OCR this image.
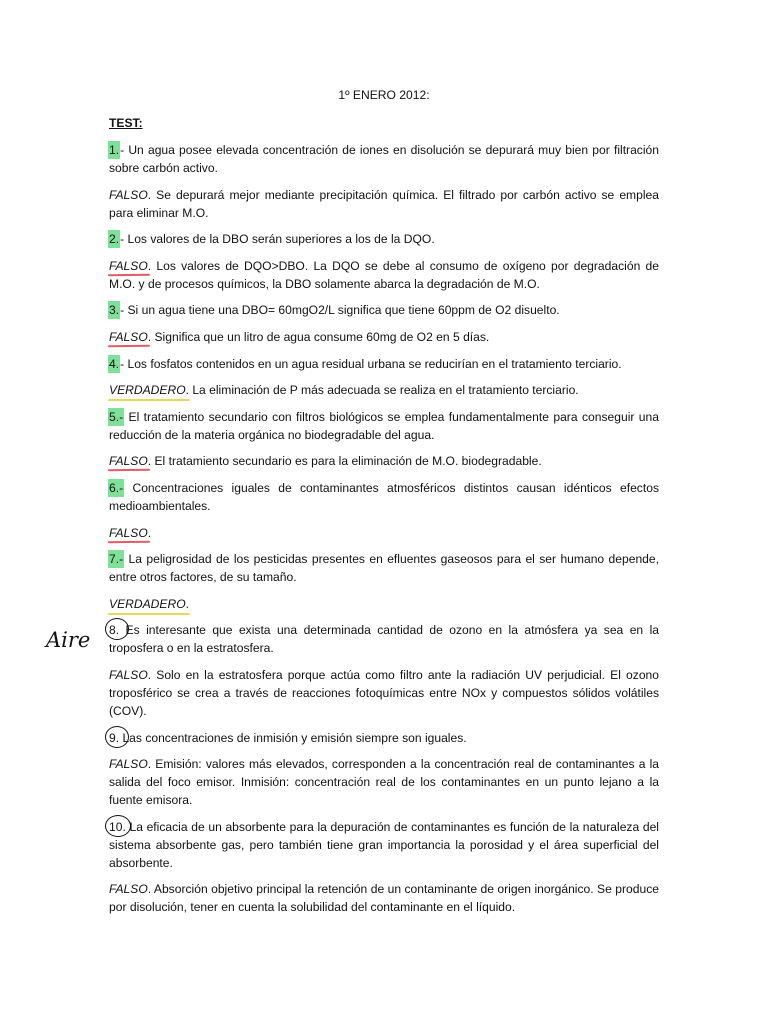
Aire
1º ENERO 2012:
TEST:
1.- Un agua posee elevada concentración de iones en disolución se depurará muy bien por filtración sobre carbón activo.
FALSO. Se depurará mejor mediante precipitación química. El filtrado por carbón activo se emplea para eliminar M.O.
2.- Los valores de la DBO serán superiores a los de la DQO.
FALSO. Los valores de DQO>DBO. La DQO se debe al consumo de oxígeno por degradación de M.O. y de procesos químicos, la DBO solamente abarca la degradación de M.O.
3.- Si un agua tiene una DBO= 60mgO2/L significa que tiene 60ppm de O2 disuelto.
FALSO. Significa que un litro de agua consume 60mg de O2 en 5 días.
4.- Los fosfatos contenidos en un agua residual urbana se reducirían en el tratamiento terciario.
VERDADERO. La eliminación de P más adecuada se realiza en el tratamiento terciario.
5.- El tratamiento secundario con filtros biológicos se emplea fundamentalmente para conseguir una reducción de la materia orgánica no biodegradable del agua.
FALSO. El tratamiento secundario es para la eliminación de M.O. biodegradable.
6.- Concentraciones iguales de contaminantes atmosféricos distintos causan idénticos efectos medioambientales.
FALSO.
7.- La peligrosidad de los pesticidas presentes en efluentes gaseosos para el ser humano depende, entre otros factores, de su tamaño.
VERDADERO.
8. Es interesante que exista una determinada cantidad de ozono en la atmósfera ya sea en la troposfera o en la estratosfera.
FALSO. Solo en la estratosfera porque actúa como filtro ante la radiación UV perjudicial. El ozono troposférico se crea a través de reacciones fotoquímicas entre NOx y compuestos sólidos volátiles (COV).
9. Las concentraciones de inmisión y emisión siempre son iguales.
FALSO. Emisión: valores más elevados, corresponden a la concentración real de contaminantes a la salida del foco emisor. Inmisión: concentración real de los contaminantes en un punto lejano a la fuente emisora.
10. La eficacia de un absorbente para la depuración de contaminantes es función de la naturaleza del sistema absorbente gas, pero también tiene gran importancia la porosidad y el área superficial del absorbente.
FALSO. Absorción objetivo principal la retención de un contaminante de origen inorgánico. Se produce por disolución, tener en cuenta la solubilidad del contaminante en el líquido.
